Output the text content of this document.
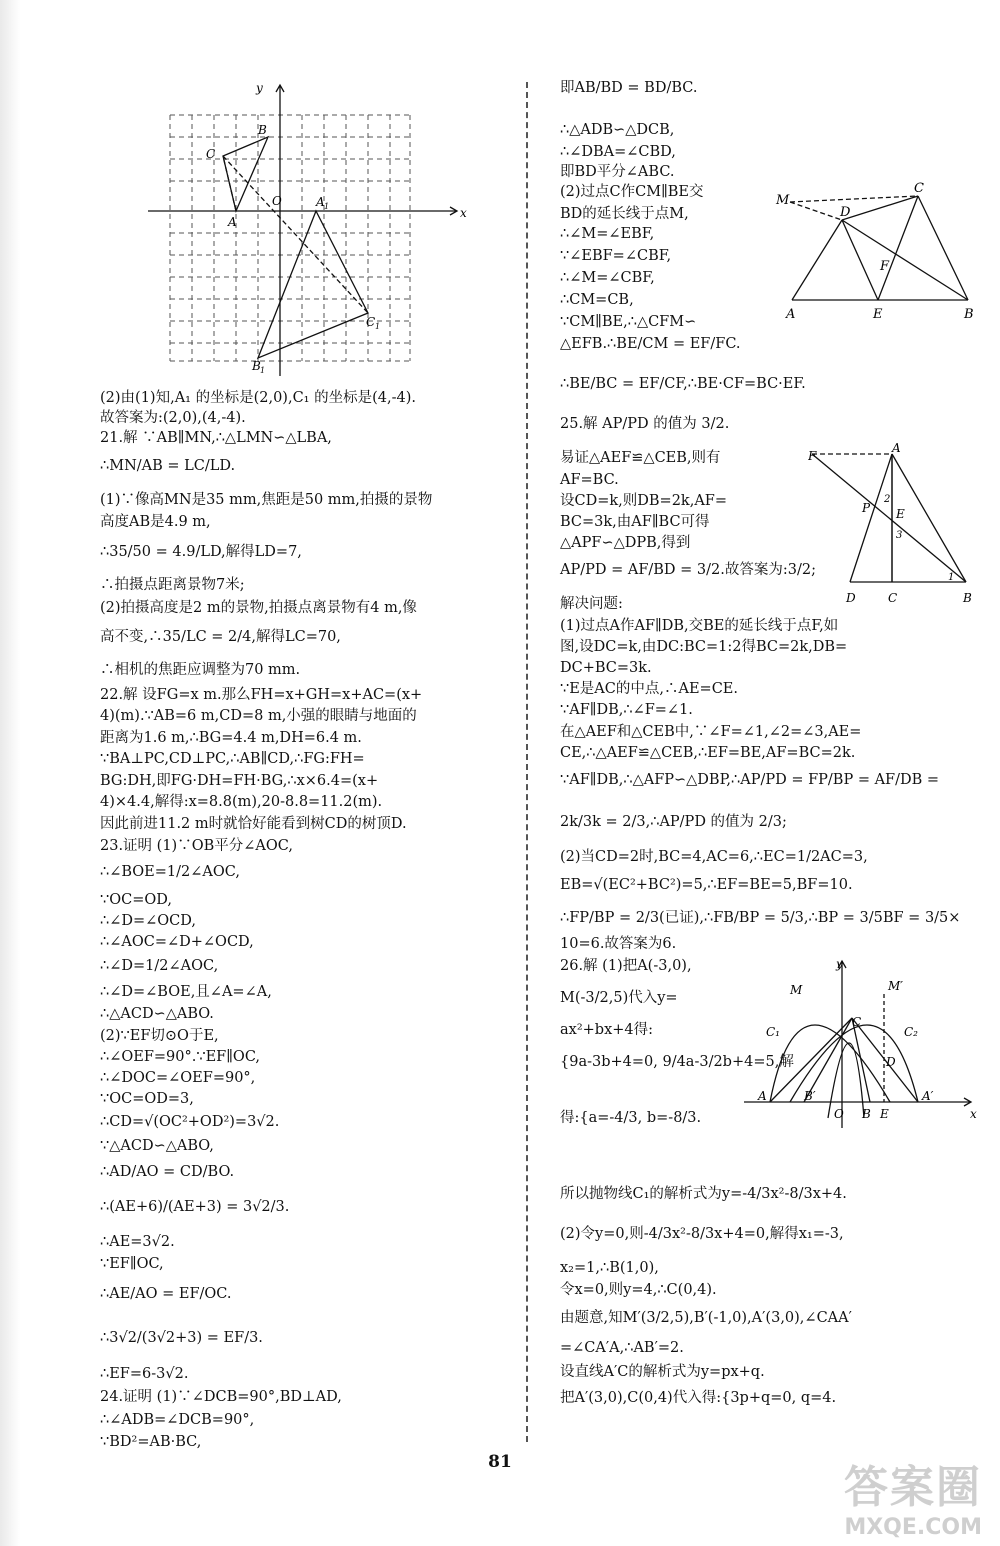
y
x
O
A
B
C
A 1
B 1
C 1
M
C
D
F
A	E	B
F
A
P E
D	C	B
2
3
1
M	M′
C
C₁	C₂
D
A	B′
O B E
A′
y
x
(2)由(1)知,A₁ 的坐标是(2,0),C₁ 的坐标是(4,-4).
故答案为:(2,0),(4,-4).
21.解 ∵AB∥MN,∴△LMN∽△LBA,
∴MN/AB = LC/LD.
(1)∵像高MN是35 mm,焦距是50 mm,拍摄的景物
高度AB是4.9 m,
∴35/50 = 4.9/LD,解得LD=7,
∴拍摄点距离景物7米;
(2)拍摄高度是2 m的景物,拍摄点离景物有4 m,像
高不变,∴35/LC = 2/4,解得LC=70,
∴相机的焦距应调整为70 mm.
22.解 设FG=x m.那么FH=x+GH=x+AC=(x+
4)(m).∵AB=6 m,CD=8 m,小强的眼睛与地面的
距离为1.6 m,∴BG=4.4 m,DH=6.4 m.
∵BA⊥PC,CD⊥PC,∴AB∥CD,∴FG:FH=
BG:DH,即FG·DH=FH·BG,∴x×6.4=(x+
4)×4.4,解得:x=8.8(m),20-8.8=11.2(m).
因此前进11.2 m时就恰好能看到树CD的树顶D.
23.证明 (1)∵OB平分∠AOC,
∴∠BOE=1/2∠AOC,
∵OC=OD,
∴∠D=∠OCD,
∴∠AOC=∠D+∠OCD,
∴∠D=1/2∠AOC,
∴∠D=∠BOE,且∠A=∠A,
∴△ACD∽△ABO.
(2)∵EF切⊙O于E,
∴∠OEF=90°.∵EF∥OC,
∴∠DOC=∠OEF=90°,
∵OC=OD=3,
∴CD=√(OC²+OD²)=3√2.
∵△ACD∽△ABO,
∴AD/AO = CD/BO.
∴(AE+6)/(AE+3) = 3√2/3.
∴AE=3√2.
∵EF∥OC,
∴AE/AO = EF/OC.
∴3√2/(3√2+3) = EF/3.
∴EF=6-3√2.
24.证明 (1)∵∠DCB=90°,BD⊥AD,
∴∠ADB=∠DCB=90°,
∵BD²=AB·BC,
即AB/BD = BD/BC.
∴△ADB∽△DCB,
∴∠DBA=∠CBD,
即BD平分∠ABC.
(2)过点C作CM∥BE交
BD的延长线于点M,
∴∠M=∠EBF,
∵∠EBF=∠CBF,
∴∠M=∠CBF,
∴CM=CB,
∵CM∥BE,∴△CFM∽
△EFB.∴BE/CM = EF/FC.
∴BE/BC = EF/CF,∴BE·CF=BC·EF.
25.解 AP/PD 的值为 3/2.
易证△AEF≌△CEB,则有
AF=BC.
设CD=k,则DB=2k,AF=
BC=3k,由AF∥BC可得
△APF∽△DPB,得到
AP/PD = AF/BD = 3/2.故答案为:3/2;
解决问题:
(1)过点A作AF∥DB,交BE的延长线于点F,如
图,设DC=k,由DC:BC=1:2得BC=2k,DB=
DC+BC=3k.
∵E是AC的中点,∴AE=CE.
∵AF∥DB,∴∠F=∠1.
在△AEF和△CEB中,∵∠F=∠1,∠2=∠3,AE=
CE,∴△AEF≌△CEB,∴EF=BE,AF=BC=2k.
∵AF∥DB,∴△AFP∽△DBP,∴AP/PD = FP/BP = AF/DB =
2k/3k = 2/3,∴AP/PD 的值为 2/3;
(2)当CD=2时,BC=4,AC=6,∴EC=1/2AC=3,
EB=√(EC²+BC²)=5,∴EF=BE=5,BF=10.
∴FP/BP = 2/3(已证),∴FB/BP = 5/3,∴BP = 3/5BF = 3/5×
10=6.故答案为6.
26.解 (1)把A(-3,0),
M(-3/2,5)代入y=
ax²+bx+4得:
{9a-3b+4=0, 9/4a-3/2b+4=5,解
得:{a=-4/3, b=-8/3.
所以抛物线C₁的解析式为y=-4/3x²-8/3x+4.
(2)令y=0,则-4/3x²-8/3x+4=0,解得x₁=-3,
x₂=1,∴B(1,0),
令x=0,则y=4,∴C(0,4).
由题意,知M′(3/2,5),B′(-1,0),A′(3,0),∠CAA′
=∠CA′A,∴AB′=2.
设直线A′C的解析式为y=px+q.
把A′(3,0),C(0,4)代入得:{3p+q=0, q=4.
81	答案圈
MXQE.COM
